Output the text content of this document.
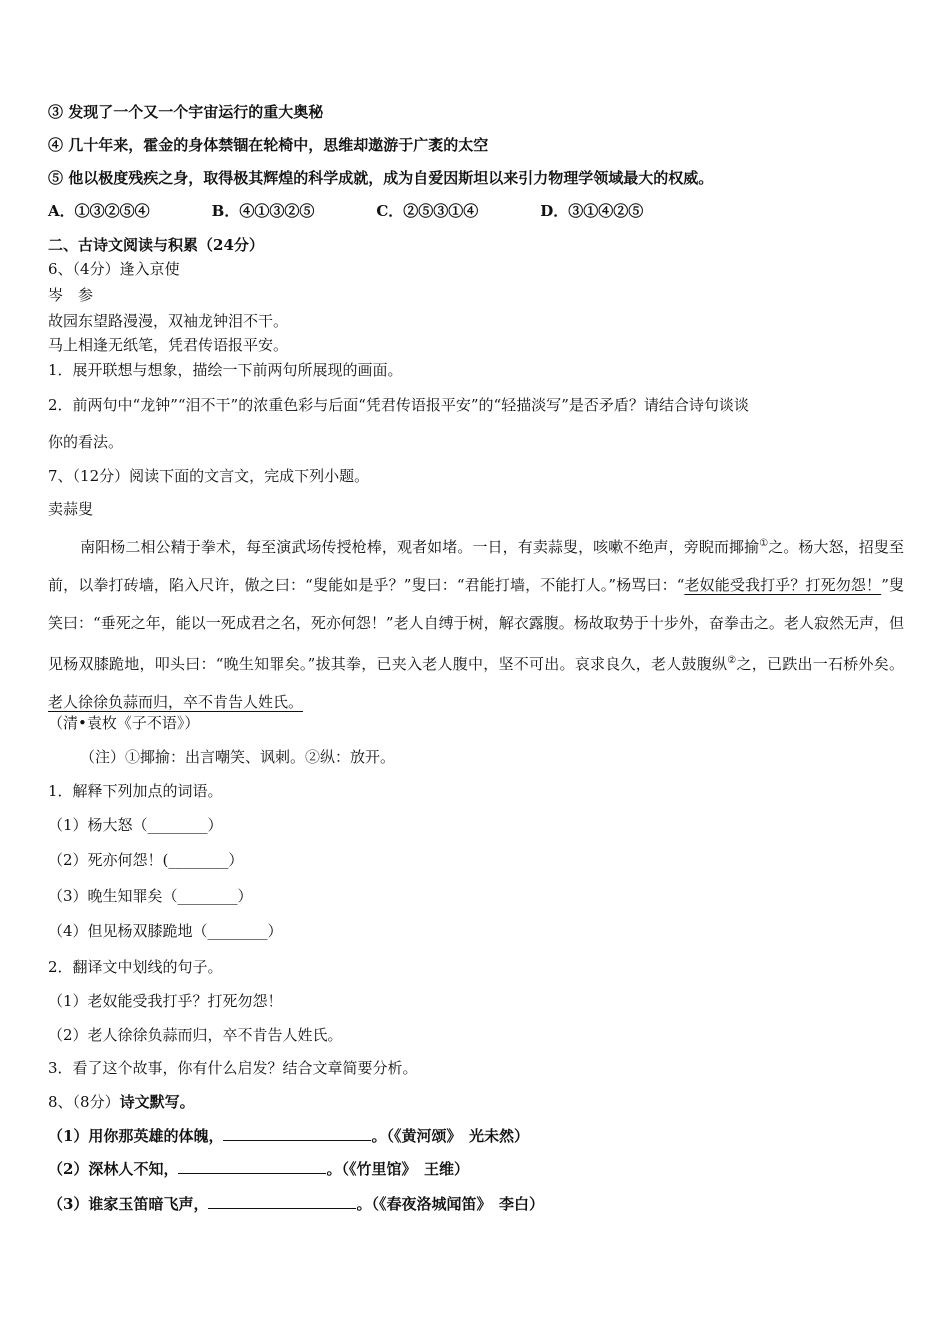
③ 发现了一个又一个宇宙运行的重大奥秘
④ 几十年来，霍金的身体禁锢在轮椅中，思维却遨游于广袤的太空
⑤ 他以极度残疾之身，取得极其辉煌的科学成就，成为自爱因斯坦以来引力物理学领域最大的权威。
A．①③②⑤④	B．④①③②⑤	C．②⑤③①④	D．③①④②⑤
二、古诗文阅读与积累（24分）
6、（4分）逢入京使
岑　参
故园东望路漫漫，双袖龙钟泪不干。
马上相逢无纸笔，凭君传语报平安。
1．展开联想与想象，描绘一下前两句所展现的画面。
2．前两句中“龙钟”“泪不干”的浓重色彩与后面“凭君传语报平安”的“轻描淡写”是否矛盾？请结合诗句谈谈
你的看法。
7、（12分）阅读下面的文言文，完成下列小题。
卖蒜叟
南阳杨二相公精于拳术，每至演武场传授枪棒，观者如堵。一日，有卖蒜叟，咳嗽不绝声，旁睨而揶揄①之。杨大怒，招叟至前，以拳打砖墙，陷入尺许，傲之曰：“叟能如是乎？”叟曰：“君能打墙，不能打人。”杨骂曰：“老奴能受我打乎？打死勿怨！”叟笑曰：“垂死之年，能以一死成君之名，死亦何怨！”老人自缚于树，解衣露腹。杨故取势于十步外，奋拳击之。老人寂然无声，但见杨双膝跪地，叩头曰：“晚生知罪矣。”拔其拳，已夹入老人腹中，坚不可出。哀求良久，老人鼓腹纵②之，已跌出一石桥外矣。老人徐徐负蒜而归，卒不肯告人姓氏。
（清•袁枚《子不语》）
（注）①揶揄：出言嘲笑、讽刺。②纵：放开。
1．解释下列加点的词语。
（1）杨大怒（________）
（2）死亦何怨！(________）
（3）晚生知罪矣（________）
（4）但见杨双膝跪地（________）
2．翻译文中划线的句子。
（1）老奴能受我打乎？打死勿怨！
（2）老人徐徐负蒜而归，卒不肯告人姓氏。
3．看了这个故事，你有什么启发？结合文章简要分析。
8、（8分）诗文默写。
（1）用你那英雄的体魄，	。（《黄河颂》　光未然）
（2）深林人不知，	。（《竹里馆》　王维）
（3）谁家玉笛暗飞声，	。（《春夜洛城闻笛》　李白）
